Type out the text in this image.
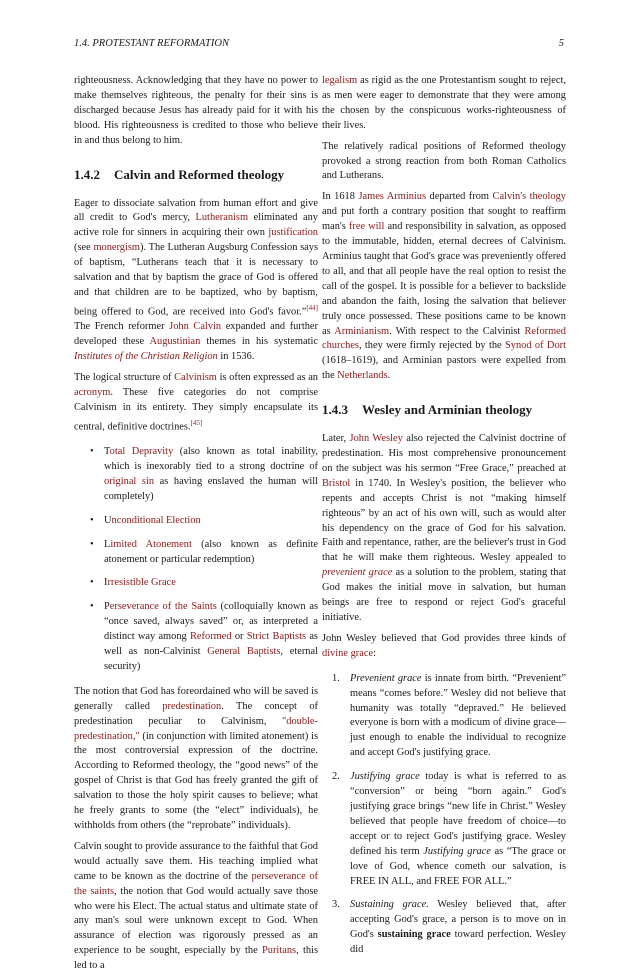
1.4. PROTESTANT REFORMATION	5

righteousness. Acknowledging that they have no power to make themselves righteous, the penalty for their sins is discharged because Jesus has already paid for it with his blood. His righteousness is credited to those who believe in and thus belong to him.

1.4.2 Calvin and Reformed theology

Eager to dissociate salvation from human effort and give all credit to God's mercy, Lutheranism eliminated any active role for sinners in acquiring their own justification (see monergism). The Lutheran Augsburg Confession says of baptism, “Lutherans teach that it is necessary to salvation and that by baptism the grace of God is offered and that children are to be baptized, who by baptism, being offered to God, are received into God's favor.”[44] The French reformer John Calvin expanded and further developed these Augustinian themes in his systematic Institutes of the Christian Religion in 1536.

The logical structure of Calvinism is often expressed as an acronym. These five categories do not comprise Calvinism in its entirety. They simply encapsulate its central, definitive doctrines.[45]

• Total Depravity (also known as total inability, which is inexorably tied to a strong doctrine of original sin as having enslaved the human will completely)
• Unconditional Election
• Limited Atonement (also known as definite atonement or particular redemption)
• Irresistible Grace
• Perseverance of the Saints (colloquially known as “once saved, always saved” or, as interpreted a distinct way among Reformed or Strict Baptists as well as non-Calvinist General Baptists, eternal security)

The notion that God has foreordained who will be saved is generally called predestination. The concept of predestination peculiar to Calvinism, "double-predestination," (in conjunction with limited atonement) is the most controversial expression of the doctrine. According to Reformed theology, the “good news” of the gospel of Christ is that God has freely granted the gift of salvation to those the holy spirit causes to believe; what he freely grants to some (the “elect” individuals), he withholds from others (the “reprobate” individuals).

Calvin sought to provide assurance to the faithful that God would actually save them. His teaching implied what came to be known as the doctrine of the perseverance of the saints, the notion that God would actually save those who were his Elect. The actual status and ultimate state of any man's soul were unknown except to God. When assurance of election was rigorously pressed as an experience to be sought, especially by the Puritans, this led to a

legalism as rigid as the one Protestantism sought to reject, as men were eager to demonstrate that they were among the chosen by the conspicuous works-righteousness of their lives.

The relatively radical positions of Reformed theology provoked a strong reaction from both Roman Catholics and Lutherans.

In 1618 James Arminius departed from Calvin's theology and put forth a contrary position that sought to reaffirm man's free will and responsibility in salvation, as opposed to the immutable, hidden, eternal decrees of Calvinism. Arminius taught that God's grace was preveniently offered to all, and that all people have the real option to resist the call of the gospel. It is possible for a believer to backslide and abandon the faith, losing the salvation that believer truly once possessed. These positions came to be known as Arminianism. With respect to the Calvinist Reformed churches, they were firmly rejected by the Synod of Dort (1618–1619), and Arminian pastors were expelled from the Netherlands.

1.4.3 Wesley and Arminian theology

Later, John Wesley also rejected the Calvinist doctrine of predestination. His most comprehensive pronouncement on the subject was his sermon “Free Grace,” preached at Bristol in 1740. In Wesley's position, the believer who repents and accepts Christ is not “making himself righteous” by an act of his own will, such as would alter his dependency on the grace of God for his salvation. Faith and repentance, rather, are the believer's trust in God that he will make them righteous. Wesley appealed to prevenient grace as a solution to the problem, stating that God makes the initial move in salvation, but human beings are free to respond or reject God's graceful initiative.

John Wesley believed that God provides three kinds of divine grace:

1. Prevenient grace is innate from birth. “Prevenient” means “comes before.” Wesley did not believe that humanity was totally “depraved.” He believed everyone is born with a modicum of divine grace—just enough to enable the individual to recognize and accept God's justifying grace.
2. Justifying grace today is what is referred to as “conversion” or being “born again.” God's justifying grace brings “new life in Christ.” Wesley believed that people have freedom of choice—to accept or to reject God's justifying grace. Wesley defined his term Justifying grace as “The grace or love of God, whence cometh our salvation, is FREE IN ALL, and FREE FOR ALL.”
3. Sustaining grace. Wesley believed that, after accepting God's grace, a person is to move on in God's sustaining grace toward perfection. Wesley did
